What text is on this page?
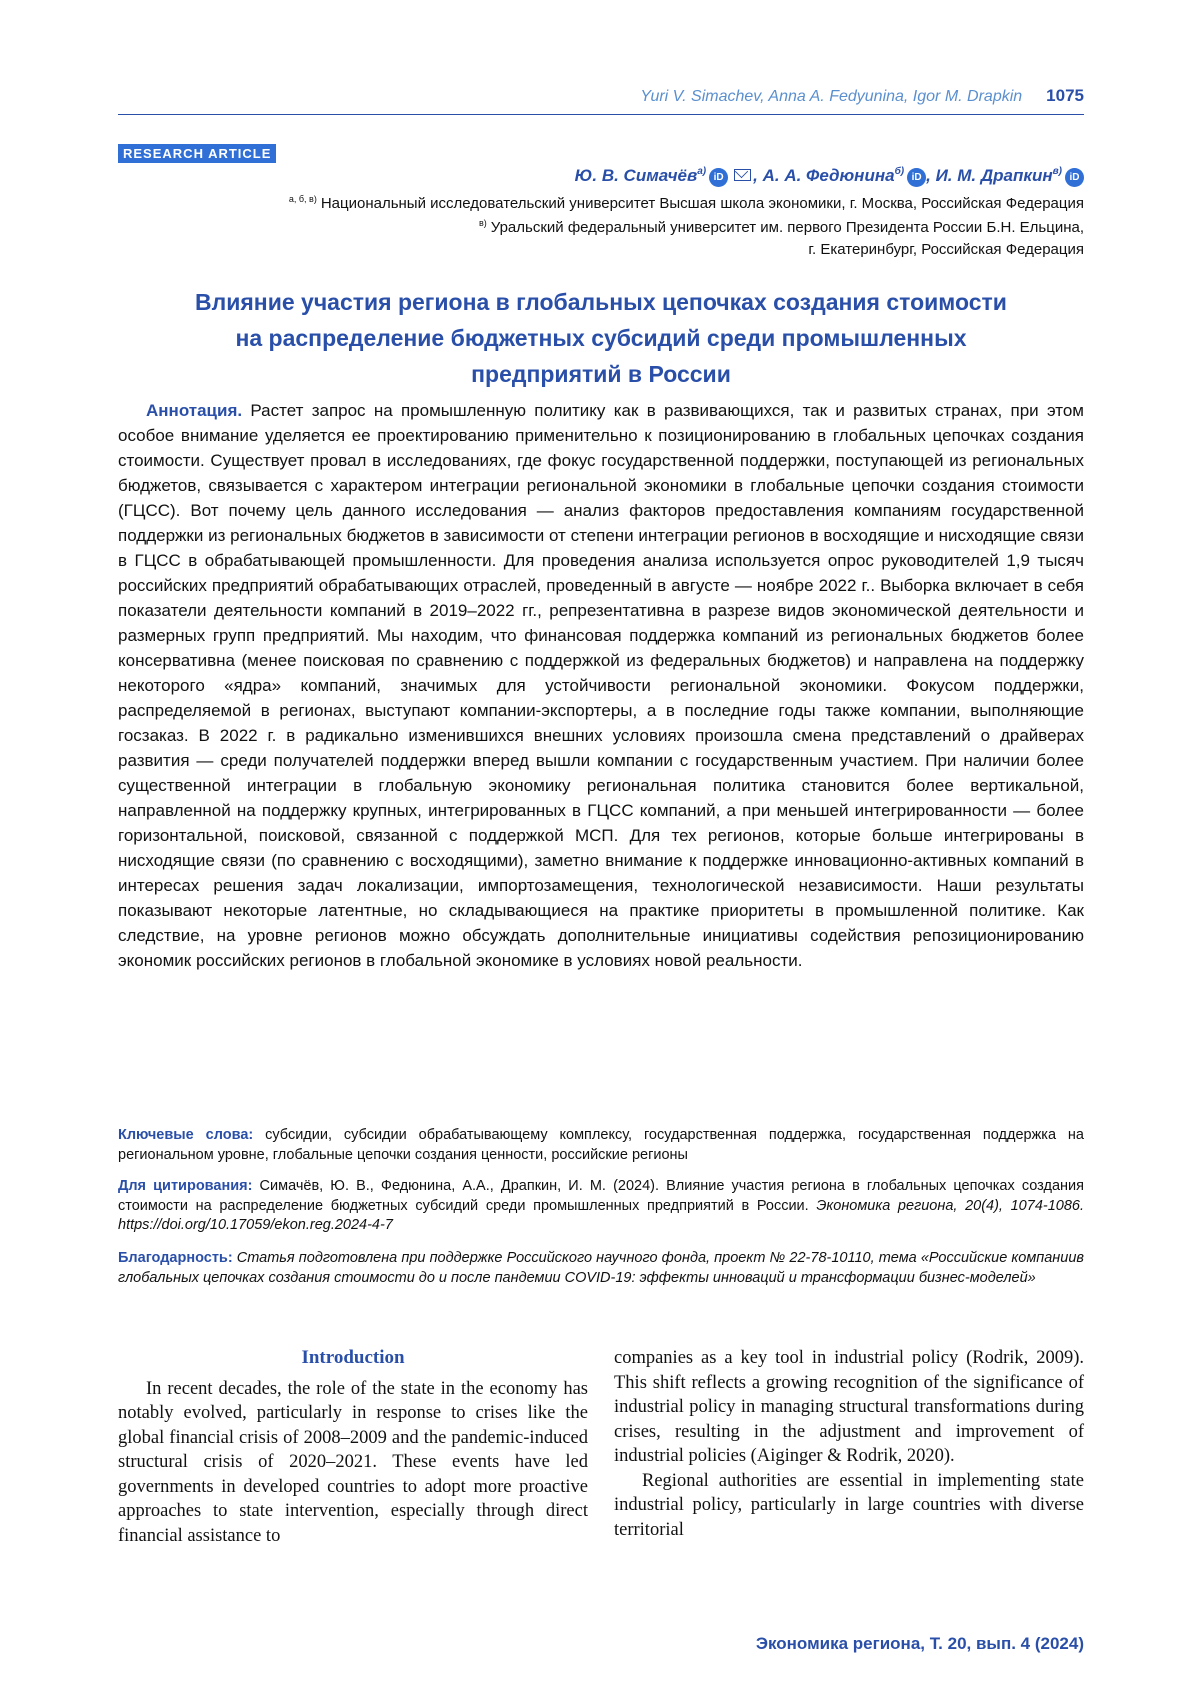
Yuri V. Simachev, Anna A. Fedyunina, Igor M. Drapkin 1075
RESEARCH ARTICLE
Ю. В. Симачёв$^{а)}$iD , А. А. Федюнина$^{б)}$iD , И. М. Драпкин$^{в)}$iD
$^{а, б, в)}$ Национальный исследовательский университет Высшая школа экономики, г. Москва, Российская Федерация
$^{в)}$ Уральский федеральный университет им. первого Президента России Б.Н. Ельцина,
г. Екатеринбург, Российская Федерация
Влияние участия региона в глобальных цепочках создания стоимости
на распределение бюджетных субсидий среди промышленных
предприятий в России
Аннотация. Растет запрос на промышленную политику как в развивающихся, так и развитых странах, при этом особое внимание уделяется ее проектированию применительно к позиционированию в глобальных цепочках создания стоимости. Существует провал в исследованиях, где фокус государственной поддержки, поступающей из региональных бюджетов, связывается с характером интеграции региональной экономики в глобальные цепочки создания стоимости (ГЦСС). Вот почему цель данного исследования — анализ факторов предоставления компаниям государственной поддержки из региональных бюджетов в зависимости от степени интеграции регионов в восходящие и нисходящие связи в ГЦСС в обрабатывающей промышленности. Для проведения анализа используется опрос руководителей 1,9 тысяч российских предприятий обрабатывающих отраслей, проведенный в августе — ноябре 2022 г.. Выборка включает в себя показатели деятельности компаний в 2019–2022 гг., репрезентативна в разрезе видов экономической деятельности и размерных групп предприятий. Мы находим, что финансовая поддержка компаний из региональных бюджетов более консервативна (менее поисковая по сравнению с поддержкой из федеральных бюджетов) и направлена на поддержку некоторого «ядра» компаний, значимых для устойчивости региональной экономики. Фокусом поддержки, распределяемой в регионах, выступают компании-экспортеры, а в последние годы также компании, выполняющие госзаказ. В 2022 г. в радикально изменившихся внешних условиях произошла смена представлений о драйверах развития — среди получателей поддержки вперед вышли компании с государственным участием. При наличии более существенной интеграции в глобальную экономику региональная политика становится более вертикальной, направленной на поддержку крупных, интегрированных в ГЦСС компаний, а при меньшей интегрированности — более горизонтальной, поисковой, связанной с поддержкой МСП. Для тех регионов, которые больше интегрированы в нисходящие связи (по сравнению с восходящими), заметно внимание к поддержке инновационно-активных компаний в интересах решения задач локализации, импортозамещения, технологической независимости. Наши результаты показывают некоторые латентные, но складывающиеся на практике приоритеты в промышленной политике. Как следствие, на уровне регионов можно обсуждать дополнительные инициативы содействия репозиционированию экономик российских регионов в глобальной экономике в условиях новой реальности.
Ключевые слова: субсидии, субсидии обрабатывающему комплексу, государственная поддержка, государственная поддержка на региональном уровне, глобальные цепочки создания ценности, российские регионы
Для цитирования: Симачёв, Ю. В., Федюнина, А.А., Драпкин, И. М. (2024). Влияние участия региона в глобальных цепочках создания стоимости на распределение бюджетных субсидий среди промышленных предприятий в России. Экономика региона, 20(4), 1074-1086. https://doi.org/10.17059/ekon.reg.2024-4-7
Благодарность: Статья подготовлена при поддержке Российского научного фонда, проект № 22-78-10110, тема «Российские компаниив глобальных цепочках создания стоимости до и после пандемии COVID-19: эффекты инноваций и трансформации бизнес-моделей»
Introduction

In recent decades, the role of the state in the economy has notably evolved, particularly in response to crises like the global financial crisis of 2008–2009 and the pandemic-induced structural crisis of 2020–2021. These events have led governments in developed countries to adopt more proactive approaches to state intervention, especially through direct financial assistance to

companies as a key tool in industrial policy (Rodrik, 2009). This shift reflects a growing recognition of the significance of industrial policy in managing structural transformations during crises, resulting in the adjustment and improvement of industrial policies (Aiginger & Rodrik, 2020).

Regional authorities are essential in implementing state industrial policy, particularly in large countries with diverse territorial

Экономика региона, Т. 20, вып. 4 (2024)
